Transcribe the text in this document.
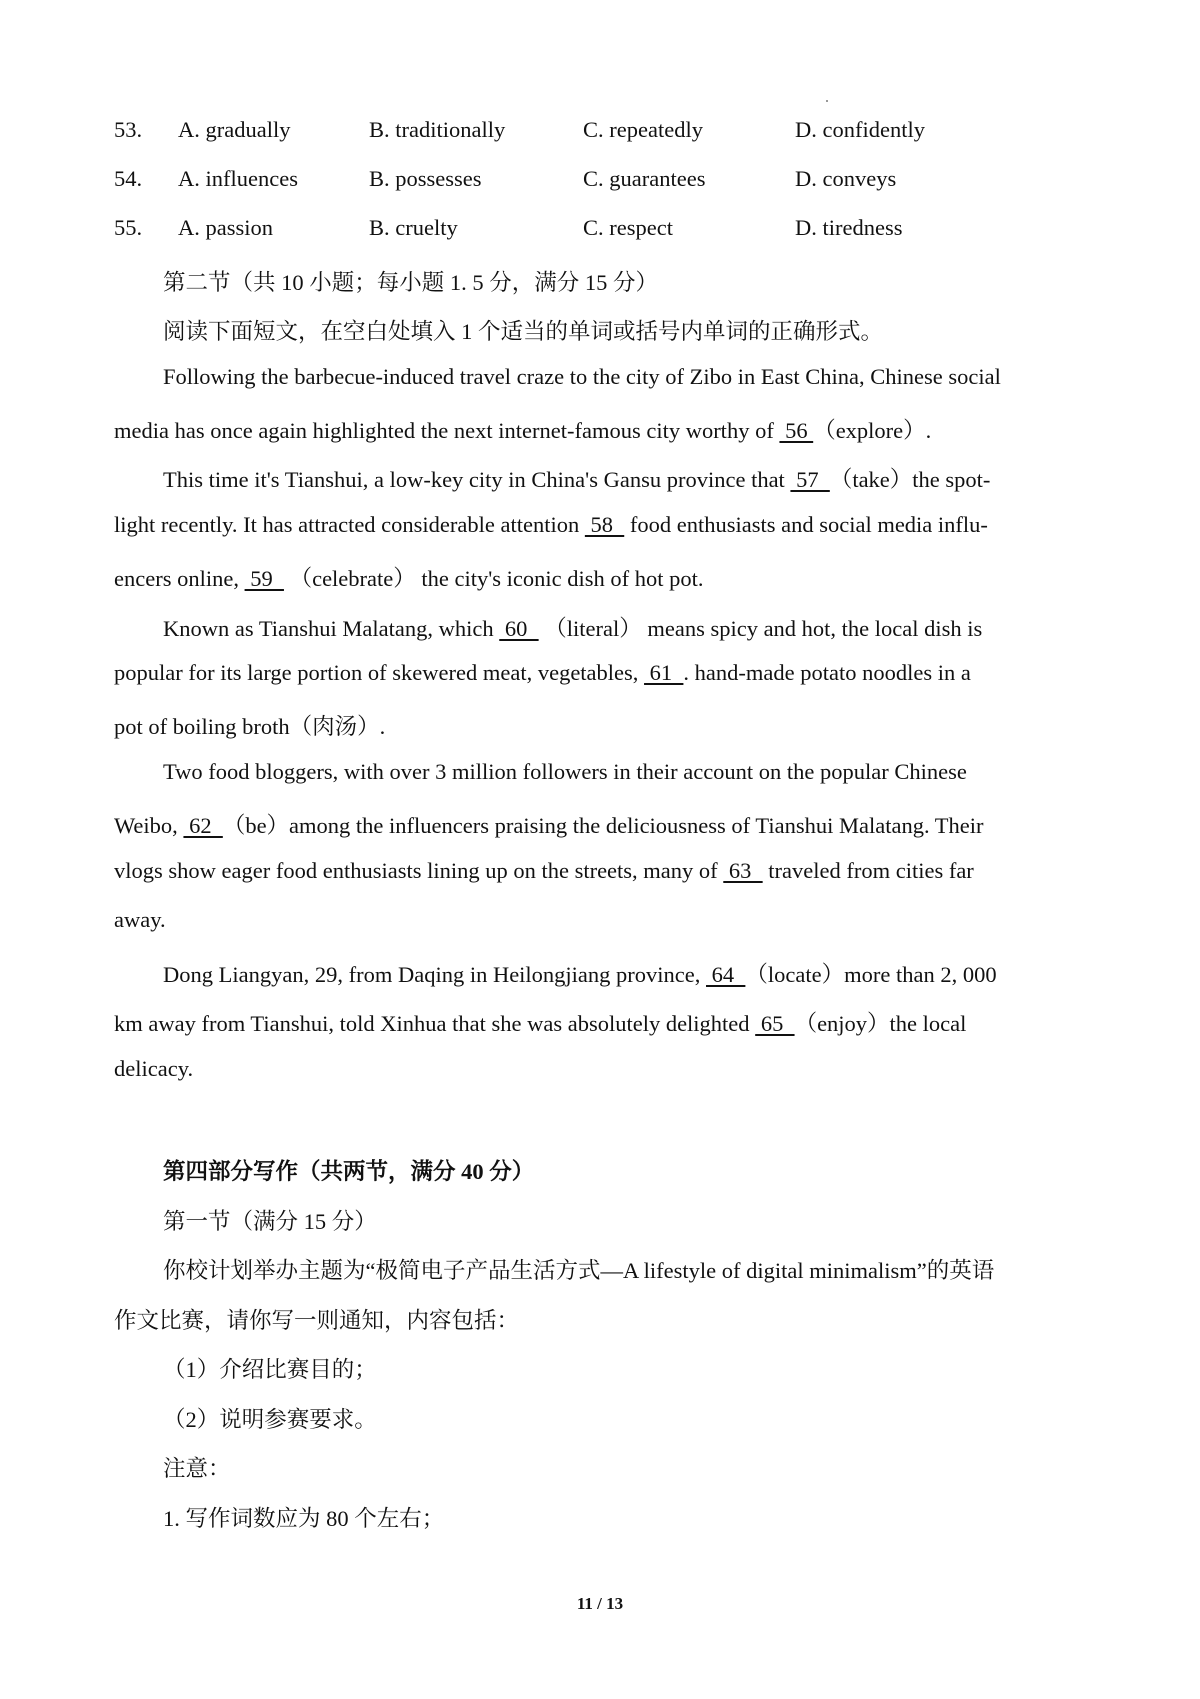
53. A. gradually	B. traditionally	C. repeatedly	D. confidently
54. A. influences	B. possesses	C. guarantees	D. conveys
55. A. passion	B. cruelty	C. respect	D. tiredness
第二节（共 10 小题；每小题 1. 5 分，满分 15 分）
阅读下面短文，在空白处填入 1 个适当的单词或括号内单词的正确形式。
Following the barbecue-induced travel craze to the city of Zibo in East China, Chinese social
media has once again highlighted the next internet-famous city worthy of  56 （explore）.
This time it's Tianshui, a low-key city in China's Gansu province that  57  （take）the spot-
light recently. It has attracted considerable attention  58   food enthusiasts and social media influ-
encers online,  59   （celebrate） the city's iconic dish of hot pot.
Known as Tianshui Malatang, which  60   （literal） means spicy and hot, the local dish is
popular for its large portion of skewered meat, vegetables,  61  . hand-made potato noodles in a
pot of boiling broth（肉汤）.
Two food bloggers, with over 3 million followers in their account on the popular Chinese
Weibo,  62  （be）among the influencers praising the deliciousness of Tianshui Malatang. Their
vlogs show eager food enthusiasts lining up on the streets, many of  63   traveled from cities far
away.
Dong Liangyan, 29, from Daqing in Heilongjiang province,  64  （locate）more than 2, 000
km away from Tianshui, told Xinhua that she was absolutely delighted  65  （enjoy）the local
delicacy.
第四部分写作（共两节，满分 40 分）
第一节（满分 15 分）
你校计划举办主题为“极简电子产品生活方式—A lifestyle of digital minimalism”的英语
作文比赛，请你写一则通知，内容包括：
（1）介绍比赛目的；
（2）说明参赛要求。
注意：
1. 写作词数应为 80 个左右；
11 / 13
